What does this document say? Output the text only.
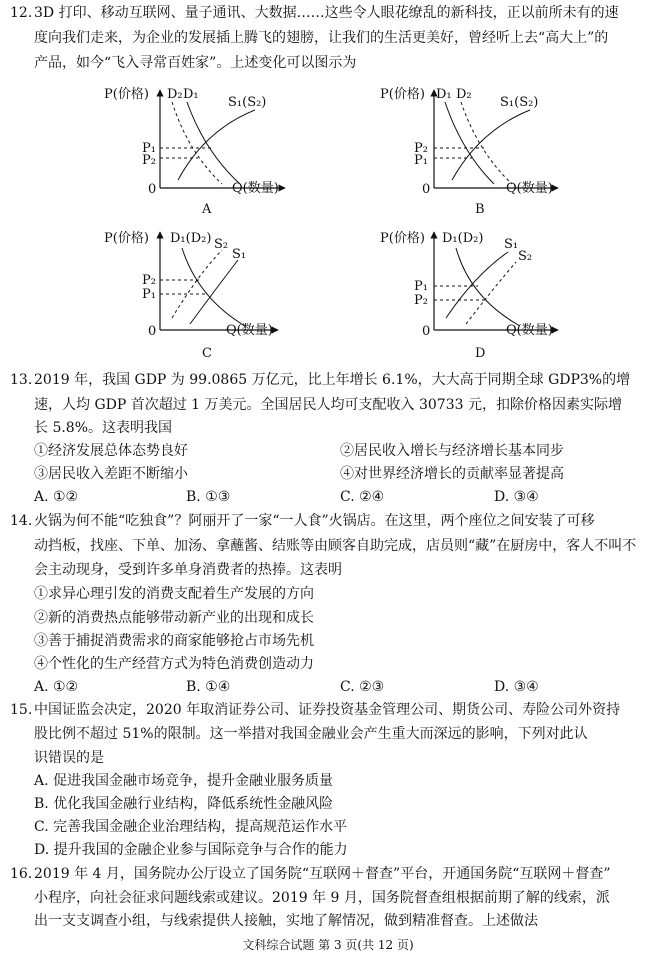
12. 3D 打印、移动互联网、量子通讯、大数据……这些令人眼花缭乱的新科技，正以前所未有的速
度向我们走来，为企业的发展插上腾飞的翅膀，让我们的生活更美好，曾经听上去“高大上”的
产品，如今“飞入寻常百姓家”。上述变化可以图示为
P(价格)
Q(数量)
0
D₂ D₁
S₁(S₂)
P₁
P₂
A
P(价格)
Q(数量)
0
D₁ D₂
S₁(S₂)
P₂
P₁
B
P(价格)
Q(数量)
0
D₁(D₂) S₂
S₁
P₂
P₁
C
P(价格)
Q(数量)
0
D₁(D₂) S₁
S₂
P₁
P₂
D
13. 2019 年，我国 GDP 为 99.0865 万亿元，比上年增长 6.1%，大大高于同期全球 GDP3%的增
速，人均 GDP 首次超过 1 万美元。全国居民人均可支配收入 30733 元，扣除价格因素实际增
长 5.8%。这表明我国
①经济发展总体态势良好	②居民收入增长与经济增长基本同步
③居民收入差距不断缩小	④对世界经济增长的贡献率显著提高
A. ①②	B. ①③	C. ②④	D. ③④
14. 火锅为何不能“吃独食”？阿丽开了一家“一人食”火锅店。在这里，两个座位之间安装了可移
动挡板，找座、下单、加汤、拿蘸酱、结账等由顾客自助完成，店员则“藏”在厨房中，客人不叫不
会主动现身，受到许多单身消费者的热捧。这表明
①求异心理引发的消费支配着生产发展的方向
②新的消费热点能够带动新产业的出现和成长
③善于捕捉消费需求的商家能够抢占市场先机
④个性化的生产经营方式为特色消费创造动力
A. ①②	B. ①④	C. ②③	D. ③④
15. 中国证监会决定，2020 年取消证券公司、证券投资基金管理公司、期货公司、寿险公司外资持
股比例不超过 51%的限制。这一举措对我国金融业会产生重大而深远的影响，下列对此认
识错误的是
A. 促进我国金融市场竞争，提升金融业服务质量
B. 优化我国金融行业结构，降低系统性金融风险
C. 完善我国金融企业治理结构，提高规范运作水平
D. 提升我国的金融企业参与国际竞争与合作的能力
16. 2019 年 4 月，国务院办公厅设立了国务院“互联网＋督查”平台，开通国务院“互联网＋督查”
小程序，向社会征求问题线索或建议。2019 年 9 月，国务院督查组根据前期了解的线索，派
出一支支调查小组，与线索提供人接触，实地了解情况，做到精准督查。上述做法
文科综合试题 第 3 页(共 12 页)
